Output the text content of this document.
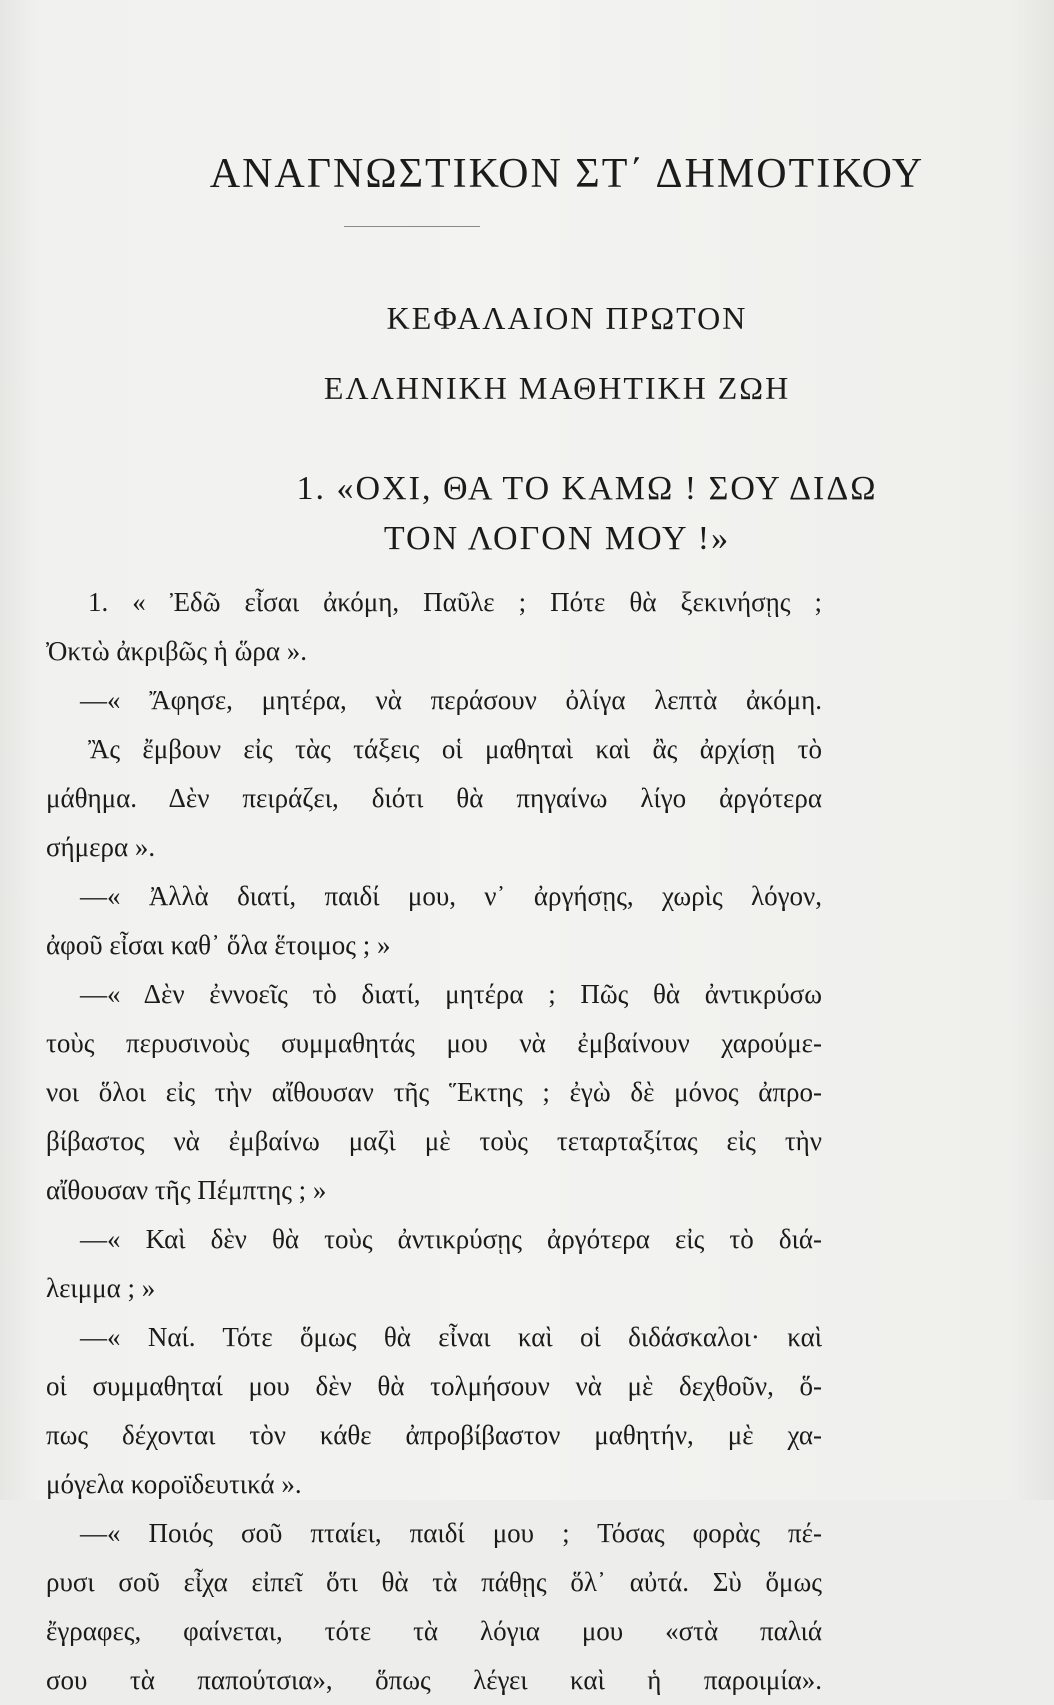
ΑΝΑΓΝΩΣΤΙΚΟΝ ΣΤ΄ ΔΗΜΟΤΙΚΟΥ
ΚΕΦΑΛΑΙΟΝ ΠΡΩΤΟΝ
ΕΛΛΗΝΙΚΗ ΜΑΘΗΤΙΚΗ ΖΩΗ
1. «ΟΧΙ, ΘΑ ΤΟ ΚΑΜΩ ! ΣΟΥ ΔΙΔΩ
ΤΟΝ ΛΟΓΟΝ ΜΟΥ !»
1. « Ἐδῶ εἶσαι ἀκόμη, Παῦλε ; Πότε θὰ ξεκινήσῃς ;
Ὀκτὼ ἀκριβῶς ἡ ὥρα ».
—« Ἄφησε, μητέρα, νὰ περάσουν ὀλίγα λεπτὰ ἀκόμη.
Ἂς ἔμβουν εἰς τὰς τάξεις οἱ μαθηταὶ καὶ ἂς ἀρχίσῃ τὸ
μάθημα. Δὲν πειράζει, διότι θὰ πηγαίνω λίγο ἀργότερα
σήμερα ».
—« Ἀλλὰ διατί, παιδί μου, ν᾽ ἀργήσῃς, χωρὶς λόγον,
ἀφοῦ εἶσαι καθ᾽ ὅλα ἕτοιμος ; »
—« Δὲν ἐννοεῖς τὸ διατί, μητέρα ; Πῶς θὰ ἀντικρύσω
τοὺς περυσινοὺς συμμαθητάς μου νὰ ἐμβαίνουν χαρούμε-
νοι ὅλοι εἰς τὴν αἴθουσαν τῆς Ἕκτης ; ἐγὼ δὲ μόνος ἀπρο-
βίβαστος νὰ ἐμβαίνω μαζὶ μὲ τοὺς τεταρταξίτας εἰς τὴν
αἴθουσαν τῆς Πέμπτης ; »
—« Καὶ δὲν θὰ τοὺς ἀντικρύσῃς ἀργότερα εἰς τὸ διά-
λειμμα ; »
—« Ναί. Τότε ὅμως θὰ εἶναι καὶ οἱ διδάσκαλοι· καὶ
οἱ συμμαθηταί μου δὲν θὰ τολμήσουν νὰ μὲ δεχθοῦν, ὅ-
πως δέχονται τὸν κάθε ἀπροβίβαστον μαθητήν, μὲ χα-
μόγελα κοροϊδευτικά ».
—« Ποιός σοῦ πταίει, παιδί μου ; Τόσας φορὰς πέ-
ρυσι σοῦ εἶχα εἰπεῖ ὅτι θὰ τὰ πάθῃς ὅλ᾽ αὐτά. Σὺ ὅμως
ἔγραφες, φαίνεται, τότε τὰ λόγια μου «στὰ παλιά
σου τὰ παπούτσια», ὅπως λέγει καὶ ἡ παροιμία».
